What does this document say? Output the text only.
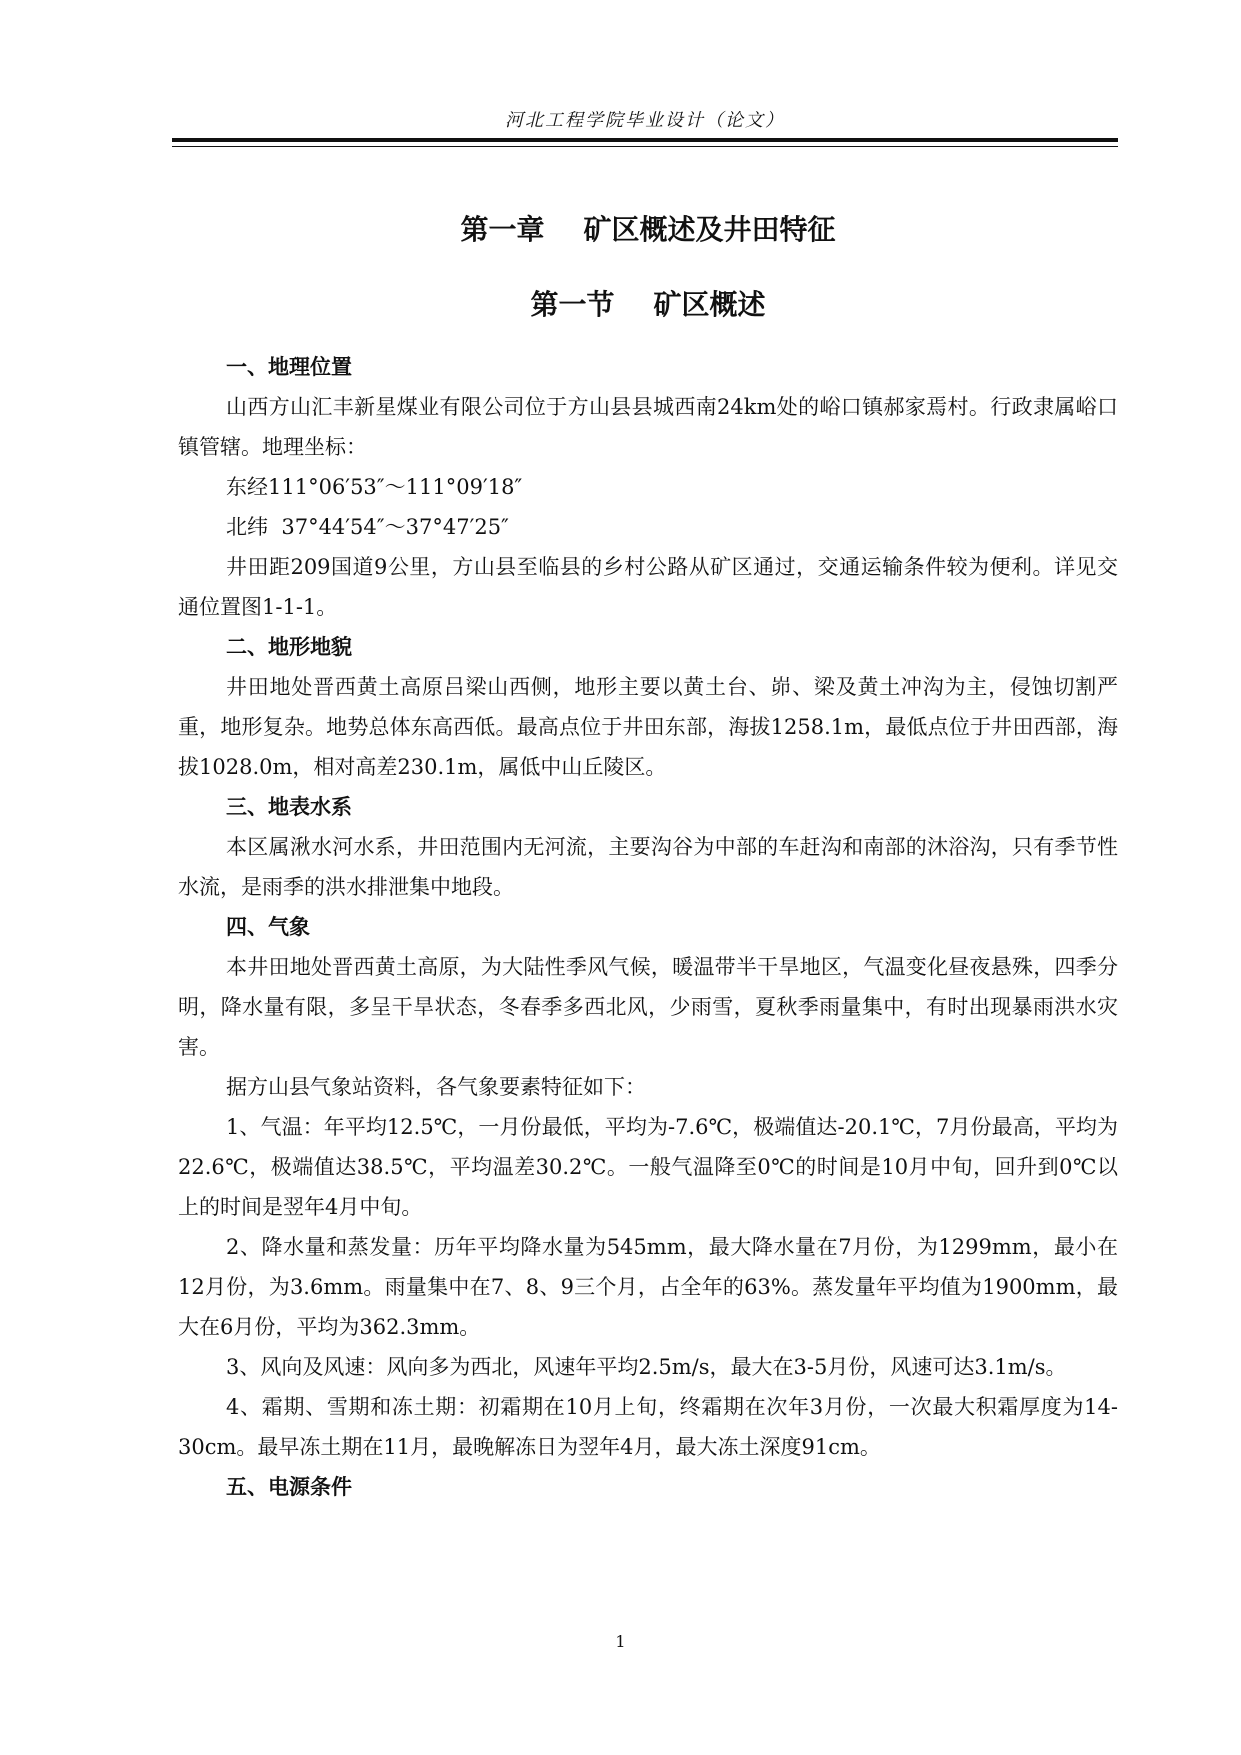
河北工程学院毕业设计（论文）
第一章    矿区概述及井田特征
第一节    矿区概述
一、地理位置

山西方山汇丰新星煤业有限公司位于方山县县城西南24km处的峪口镇郝家焉村。行政隶属峪口镇管辖。地理坐标：

东经111°06′53″～111°09′18″

北纬  37°44′54″～37°47′25″

井田距209国道9公里，方山县至临县的乡村公路从矿区通过，交通运输条件较为便利。详见交通位置图1-1-1。

二、地形地貌

井田地处晋西黄土高原吕梁山西侧，地形主要以黄土台、峁、梁及黄土冲沟为主，侵蚀切割严重，地形复杂。地势总体东高西低。最高点位于井田东部，海拔1258.1m，最低点位于井田西部，海拔1028.0m，相对高差230.1m，属低中山丘陵区。

三、地表水系

本区属湫水河水系，井田范围内无河流，主要沟谷为中部的车赶沟和南部的沐浴沟，只有季节性水流，是雨季的洪水排泄集中地段。

四、气象

本井田地处晋西黄土高原，为大陆性季风气候，暖温带半干旱地区，气温变化昼夜悬殊，四季分明，降水量有限，多呈干旱状态，冬春季多西北风，少雨雪，夏秋季雨量集中，有时出现暴雨洪水灾害。

据方山县气象站资料，各气象要素特征如下：

1、气温：年平均12.5℃，一月份最低，平均为-7.6℃，极端值达-20.1℃，7月份最高，平均为22.6℃，极端值达38.5℃，平均温差30.2℃。一般气温降至0℃的时间是10月中旬，回升到0℃以上的时间是翌年4月中旬。

2、降水量和蒸发量：历年平均降水量为545mm，最大降水量在7月份，为1299mm，最小在12月份，为3.6mm。雨量集中在7、8、9三个月，占全年的63%。蒸发量年平均值为1900mm，最大在6月份，平均为362.3mm。

3、风向及风速：风向多为西北，风速年平均2.5m/s，最大在3-5月份，风速可达3.1m/s。

4、霜期、雪期和冻土期：初霜期在10月上旬，终霜期在次年3月份，一次最大积霜厚度为14-30cm。最早冻土期在11月，最晚解冻日为翌年4月，最大冻土深度91cm。

五、电源条件
1
